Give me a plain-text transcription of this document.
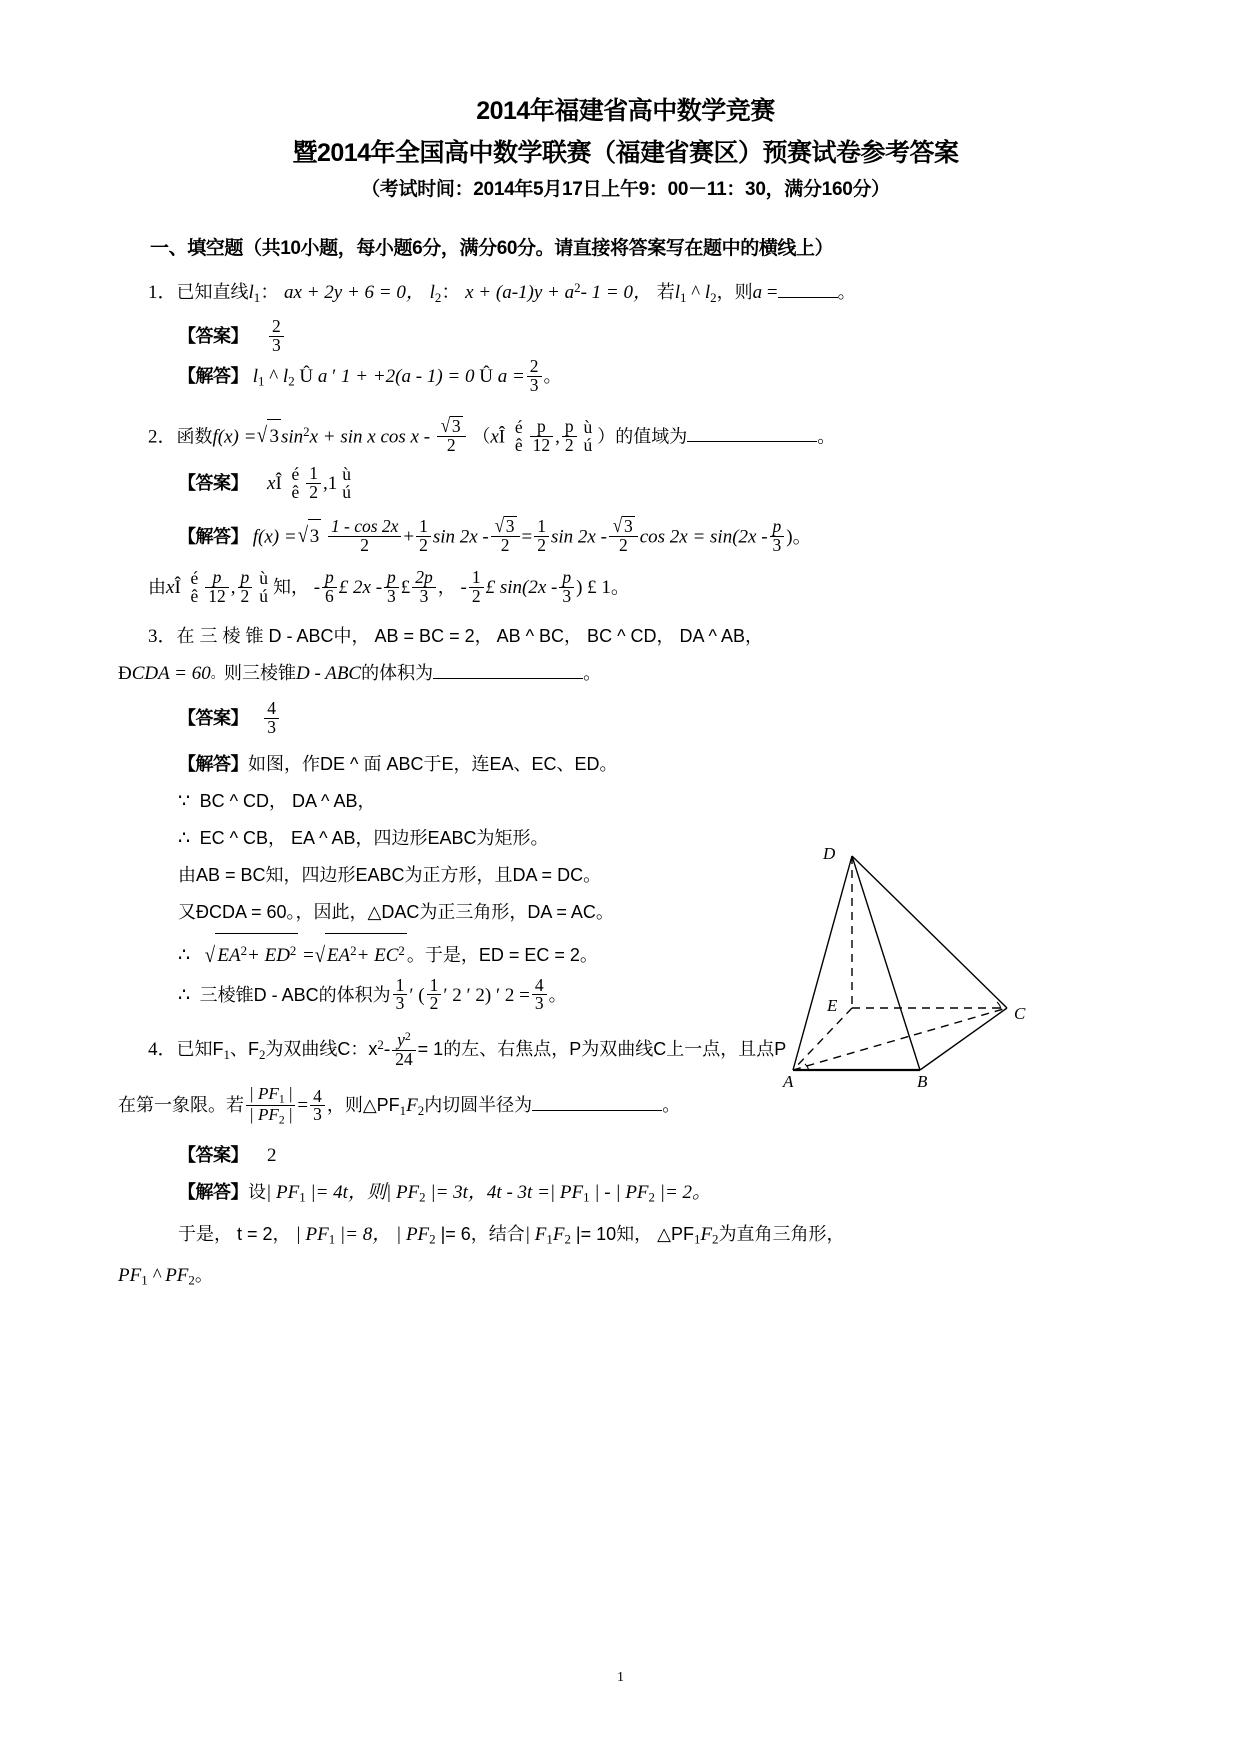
2014年福建省高中数学竞赛
暨2014年全国高中数学联赛（福建省赛区）预赛试卷参考答案
（考试时间：2014年5月17日上午9：00－11：30，满分160分）
一、填空题（共10小题，每小题6分，满分60分。请直接将答案写在题中的横线上）
1．已知直线$l_1$： ax + 2y + 6 = 0， $l_2$： $x + (a-1)y + a^2-$ 1 = 0， 若$l_1$ ^ $l_2$，则a =	。
【答案】 $\frac{2}{3}$
【解答】 $l_1$ ^ $l_2$ Û a ′ 1 + +2(a - 1) = 0 Û $a = \frac{2}{3}$ 。
2．函数f(x) =√3 $\sin^2x + \sin x$ cos x - $\frac{√ 3}{2}$ （xÎ é
ê $\frac{p}{12}$ , $\frac{p}{2}$ ù
ú ）的值域为	。
【答案】 xÎ é
ê $\frac{1}{2} ,1$ ù
ú
【解答】 $f(x) =√3 \frac{1 - \cos 2x}{2} + \frac{1}{2}$ $\sin 2x - \frac{√ 3}{2} = \frac{1}{2}$ $\sin 2x - \frac{√ 3}{2}$ $\cos 2x = \sin(2x - \frac{p}{3}$ )。
由xÎ é
ê $\frac{p}{12}$ , $\frac{p}{2}$ ù
ú 知， - $\frac{p}{6}$ £ $2x - \frac{p}{3}$ £ $\frac{2p}{3}$ ， - $\frac{1}{2}$ £ $\sin(2x - \frac{p}{3}$ ) £ 1。
3．在 三 棱 锥 D - ABC中， AB = BC = 2， AB ^ BC， BC ^ CD， DA ^ AB，
ÐCDA = 60。则三棱锥D - ABC的体积为	。
【答案】 $\frac{4}{3}$
【解答】如图，作DE ^ 面 ABC于E，连EA、EC、ED。
∵ BC ^ CD， DA ^ AB，
∴ EC ^ CB， EA ^ AB，四边形EABC为矩形。
由AB = BC知，四边形EABC为正方形，且DA = DC。
又ÐCDA = 60。，因此，△DAC为正三角形，DA = AC。
∴ $√EA^2+ ED^2 =√EA^2+ EC^2$ 。于是，ED = EC = 2。
∴ 三棱锥D - ABC的体积为 $\frac{1}{3}$ ′ ( $\frac{1}{2}$ ′ 2 ′ 2) ′ $2 = \frac{4}{3}$ 。
4．已知$F_1$、$F_2$为双曲线C：$x^2- \frac{y^2}{24} = 1$的左、右焦点，P为双曲线C上一点，且点P
在第一象限。若 $\frac{| PF_1 |}{| PF_2 |} = \frac{4}{3}$ ，则$\triangle PF_1F_2$内切圆半径为	。
【答案】 2
【解答】设| $PF_1$ |= 4t，则| $PF_2$ |= 3t，4t - 3t =| $PF_1$ | - | $PF_2$ |= 2。
于是， t = 2， | $PF_1$ |= 8， | $PF_2$ |= 6，结合| $F_1F_2$ |= 10知， $\triangle PF_1F_2$为直角三角形，
$PF_1$ ^ $PF_2$。
D
E	C
A	B
1
